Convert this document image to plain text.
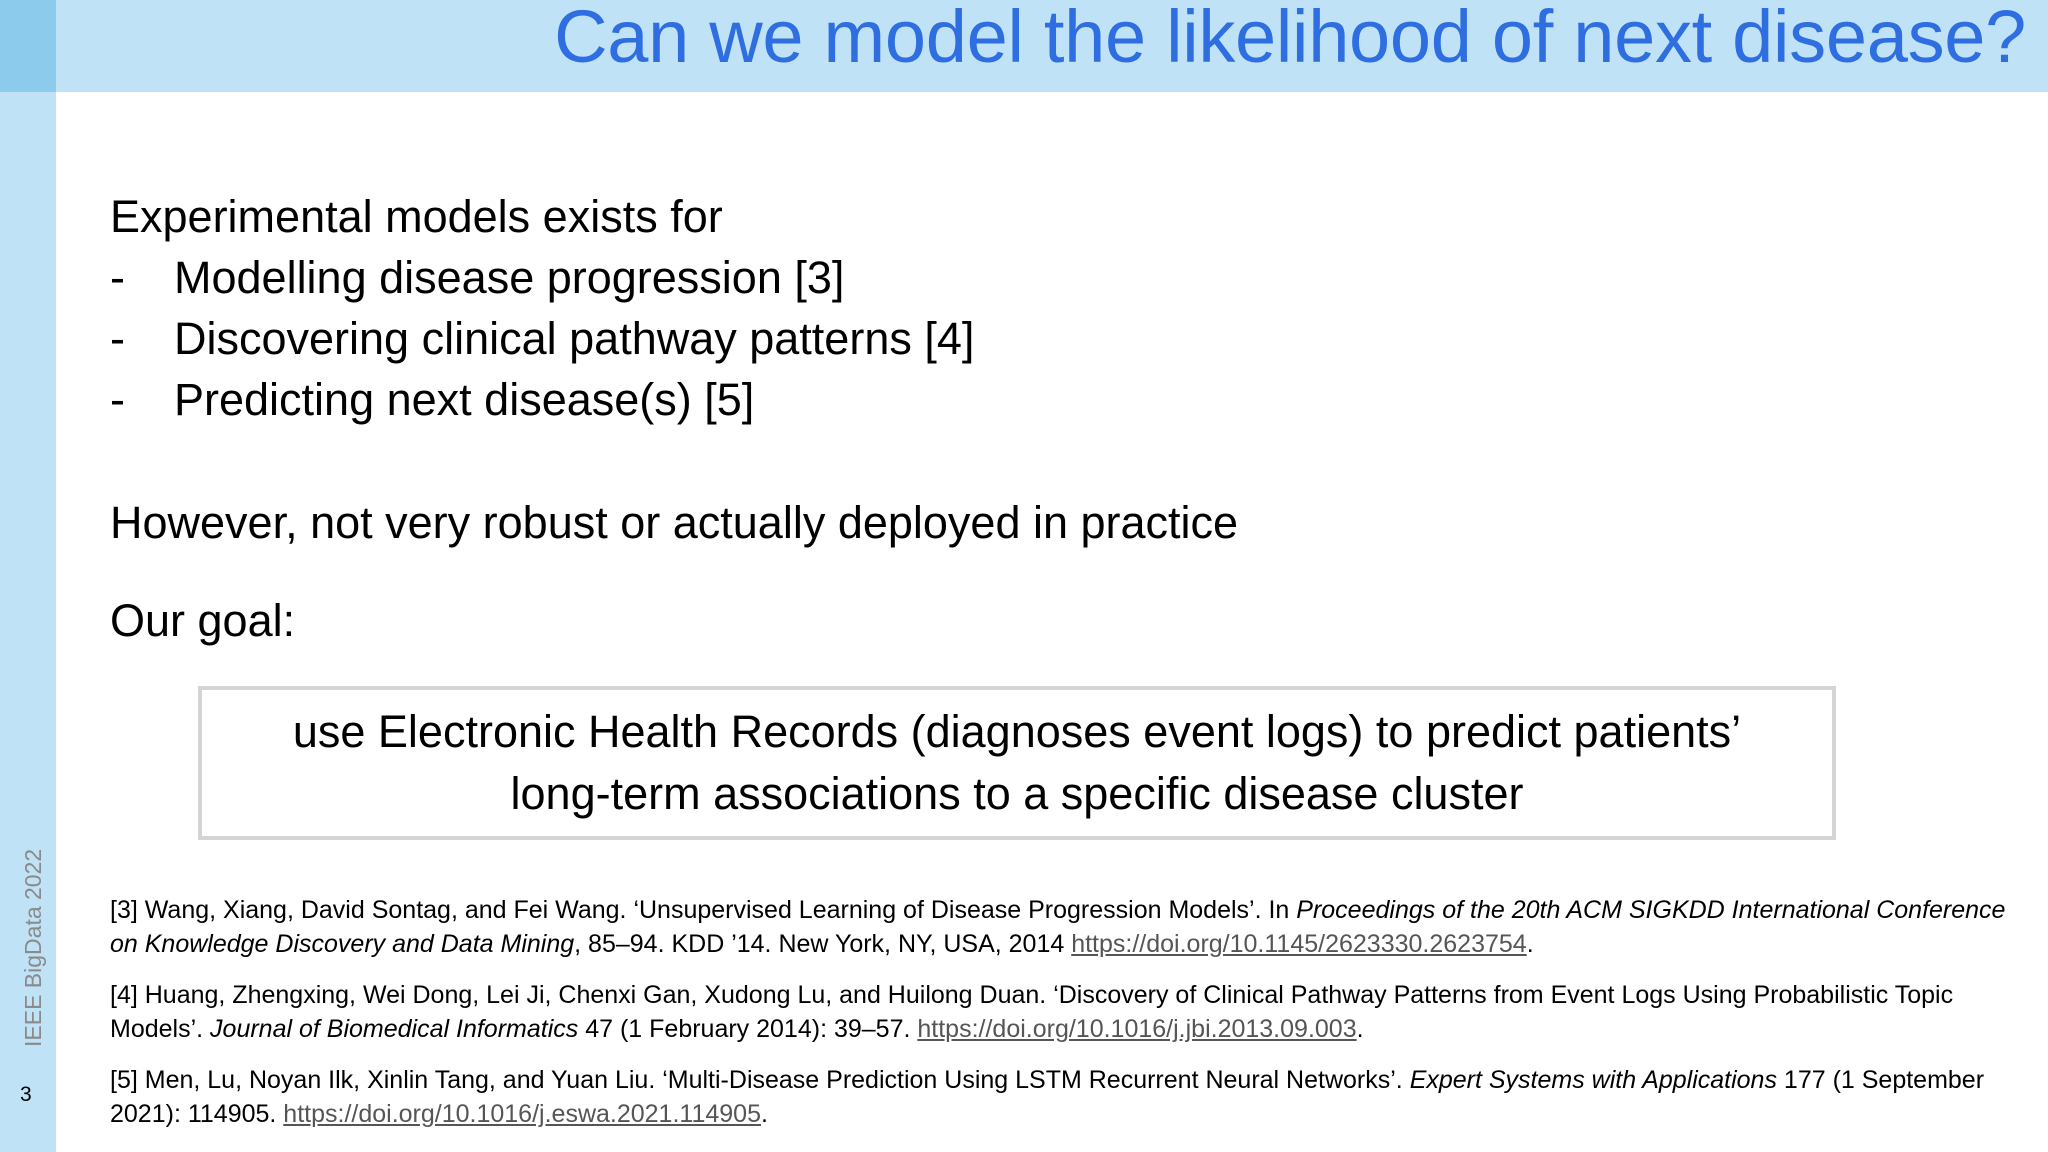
Can we model the likelihood of next disease?
IEEE BigData 2022
3
Experimental models exists for
-	Modelling disease progression [3]
-	Discovering clinical pathway patterns [4]
-	Predicting next disease(s) [5]
However, not very robust or actually deployed in practice
Our goal:
use Electronic Health Records (diagnoses event logs) to predict patients’
long-term associations to a specific disease cluster
[3] Wang, Xiang, David Sontag, and Fei Wang. ‘Unsupervised Learning of Disease Progression Models’. In Proceedings of the 20th ACM SIGKDD International Conference on Knowledge Discovery and Data Mining, 85–94. KDD ’14. New York, NY, USA, 2014 https://doi.org/10.1145/2623330.2623754.
[4] Huang, Zhengxing, Wei Dong, Lei Ji, Chenxi Gan, Xudong Lu, and Huilong Duan. ‘Discovery of Clinical Pathway Patterns from Event Logs Using Probabilistic Topic Models’. Journal of Biomedical Informatics 47 (1 February 2014): 39–57. https://doi.org/10.1016/j.jbi.2013.09.003.
[5] Men, Lu, Noyan Ilk, Xinlin Tang, and Yuan Liu. ‘Multi-Disease Prediction Using LSTM Recurrent Neural Networks’. Expert Systems with Applications 177 (1 September 2021): 114905. https://doi.org/10.1016/j.eswa.2021.114905.
